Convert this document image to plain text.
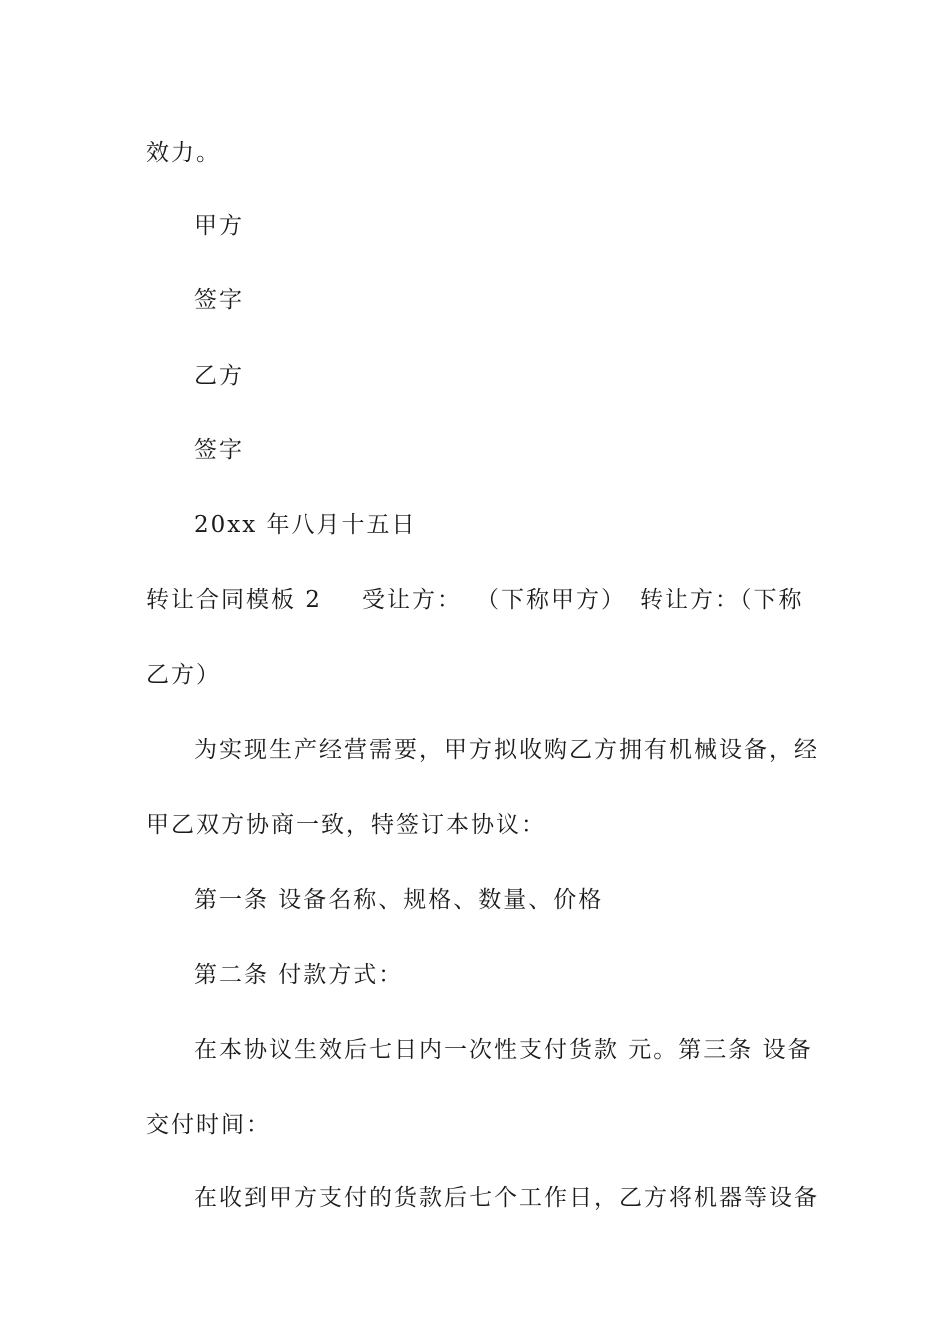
效力。
甲方
签字
乙方
签字
20xx 年八月十五日
转让合同模板 2 受让方： （下称甲方） 转让方：（下称
乙方）
为实现生产经营需要，甲方拟收购乙方拥有机械设备，经
甲乙双方协商一致，特签订本协议：
第一条 设备名称、规格、数量、价格
第二条 付款方式：
在本协议生效后七日内一次性支付货款 元。第三条 设备
交付时间：
在收到甲方支付的货款后七个工作日，乙方将机器等设备
